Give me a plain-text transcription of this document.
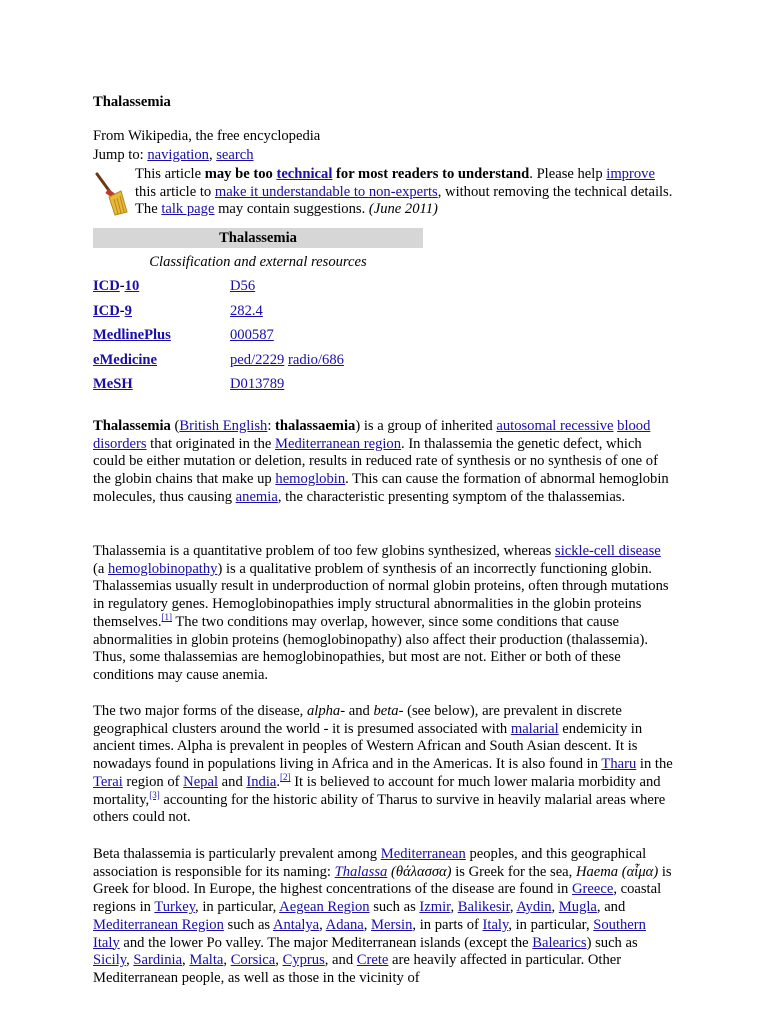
Thalassemia
From Wikipedia, the free encyclopedia
Jump to: navigation, search
This article may be too technical for most readers to understand. Please help improve this article to make it understandable to non-experts, without removing the technical details. The talk page may contain suggestions. (June 2011)
Thalassemia
Classification and external resources
ICD-10	D56
ICD-9	282.4
MedlinePlus	000587
eMedicine	ped/2229 radio/686
MeSH	D013789
Thalassemia (British English: thalassaemia) is a group of inherited autosomal recessive blood disorders that originated in the Mediterranean region. In thalassemia the genetic defect, which could be either mutation or deletion, results in reduced rate of synthesis or no synthesis of one of the globin chains that make up hemoglobin. This can cause the formation of abnormal hemoglobin molecules, thus causing anemia, the characteristic presenting symptom of the thalassemias.
Thalassemia is a quantitative problem of too few globins synthesized, whereas sickle-cell disease (a hemoglobinopathy) is a qualitative problem of synthesis of an incorrectly functioning globin. Thalassemias usually result in underproduction of normal globin proteins, often through mutations in regulatory genes. Hemoglobinopathies imply structural abnormalities in the globin proteins themselves.[1] The two conditions may overlap, however, since some conditions that cause abnormalities in globin proteins (hemoglobinopathy) also affect their production (thalassemia). Thus, some thalassemias are hemoglobinopathies, but most are not. Either or both of these conditions may cause anemia.
The two major forms of the disease, alpha- and beta- (see below), are prevalent in discrete geographical clusters around the world - it is presumed associated with malarial endemicity in ancient times. Alpha is prevalent in peoples of Western African and South Asian descent. It is nowadays found in populations living in Africa and in the Americas. It is also found in Tharu in the Terai region of Nepal and India.[2] It is believed to account for much lower malaria morbidity and mortality,[3] accounting for the historic ability of Tharus to survive in heavily malarial areas where others could not.
Beta thalassemia is particularly prevalent among Mediterranean peoples, and this geographical association is responsible for its naming: Thalassa (θάλασσα) is Greek for the sea, Haema (αἷμα) is Greek for blood. In Europe, the highest concentrations of the disease are found in Greece, coastal regions in Turkey, in particular, Aegean Region such as Izmir, Balikesir, Aydin, Mugla, and Mediterranean Region such as Antalya, Adana, Mersin, in parts of Italy, in particular, Southern Italy and the lower Po valley. The major Mediterranean islands (except the Balearics) such as Sicily, Sardinia, Malta, Corsica, Cyprus, and Crete are heavily affected in particular. Other Mediterranean people, as well as those in the vicinity of
